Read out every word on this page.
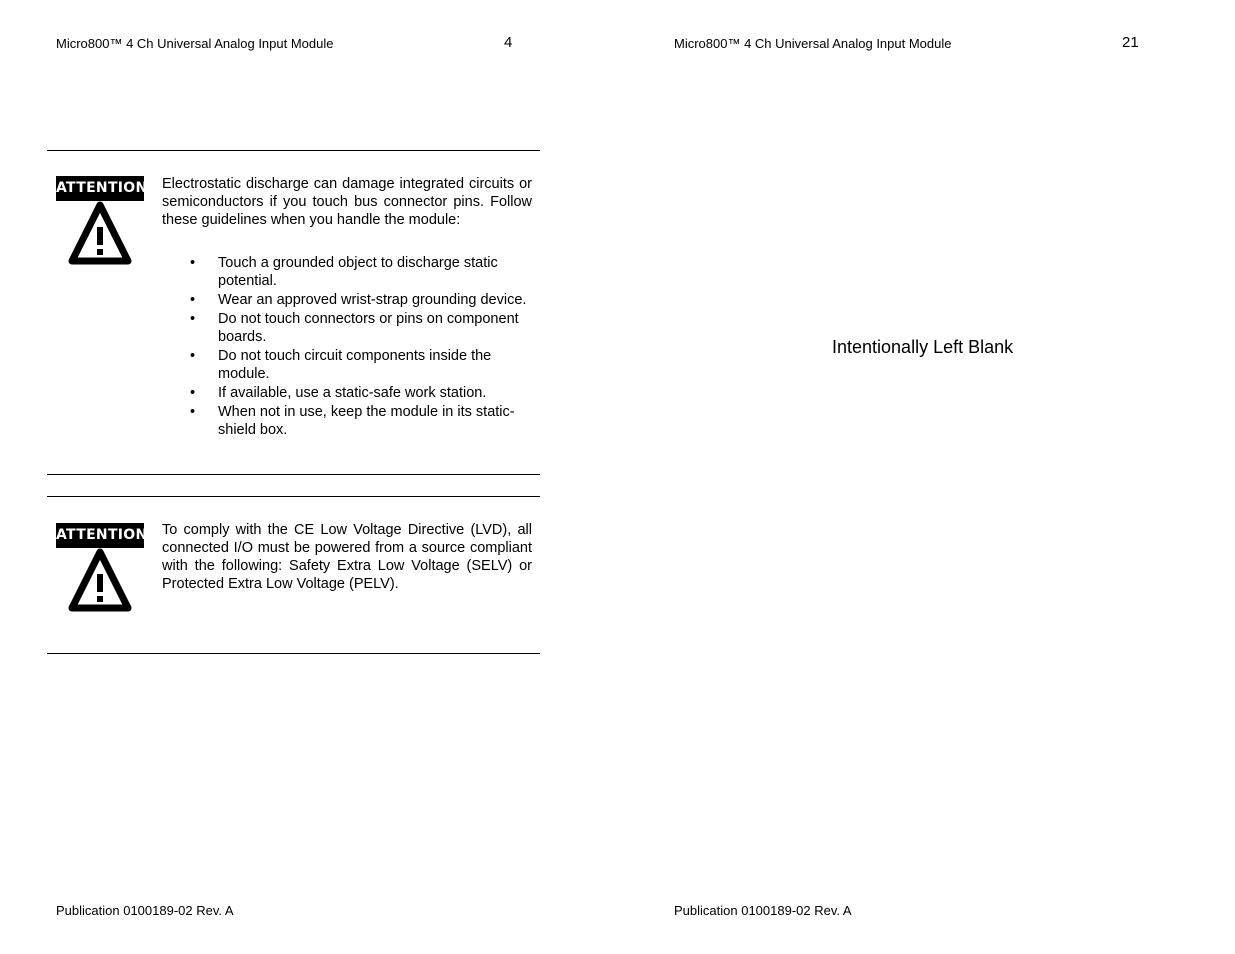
Micro800™ 4 Ch Universal Analog Input Module	4
ATTENTION Electrostatic discharge can damage integrated circuits or semiconductors if you touch bus connector pins. Follow these guidelines when you handle the module:
• Touch a grounded object to discharge static potential.
• Wear an approved wrist-strap grounding device.
• Do not touch connectors or pins on component boards.
• Do not touch circuit components inside the module.
• If available, use a static-safe work station.
• When not in use, keep the module in its static-shield box.
ATTENTION To comply with the CE Low Voltage Directive (LVD), all connected I/O must be powered from a source compliant with the following: Safety Extra Low Voltage (SELV) or Protected Extra Low Voltage (PELV).
Publication 0100189-02 Rev. A
Micro800™ 4 Ch Universal Analog Input Module	21
Intentionally Left Blank
Publication 0100189-02 Rev. A
